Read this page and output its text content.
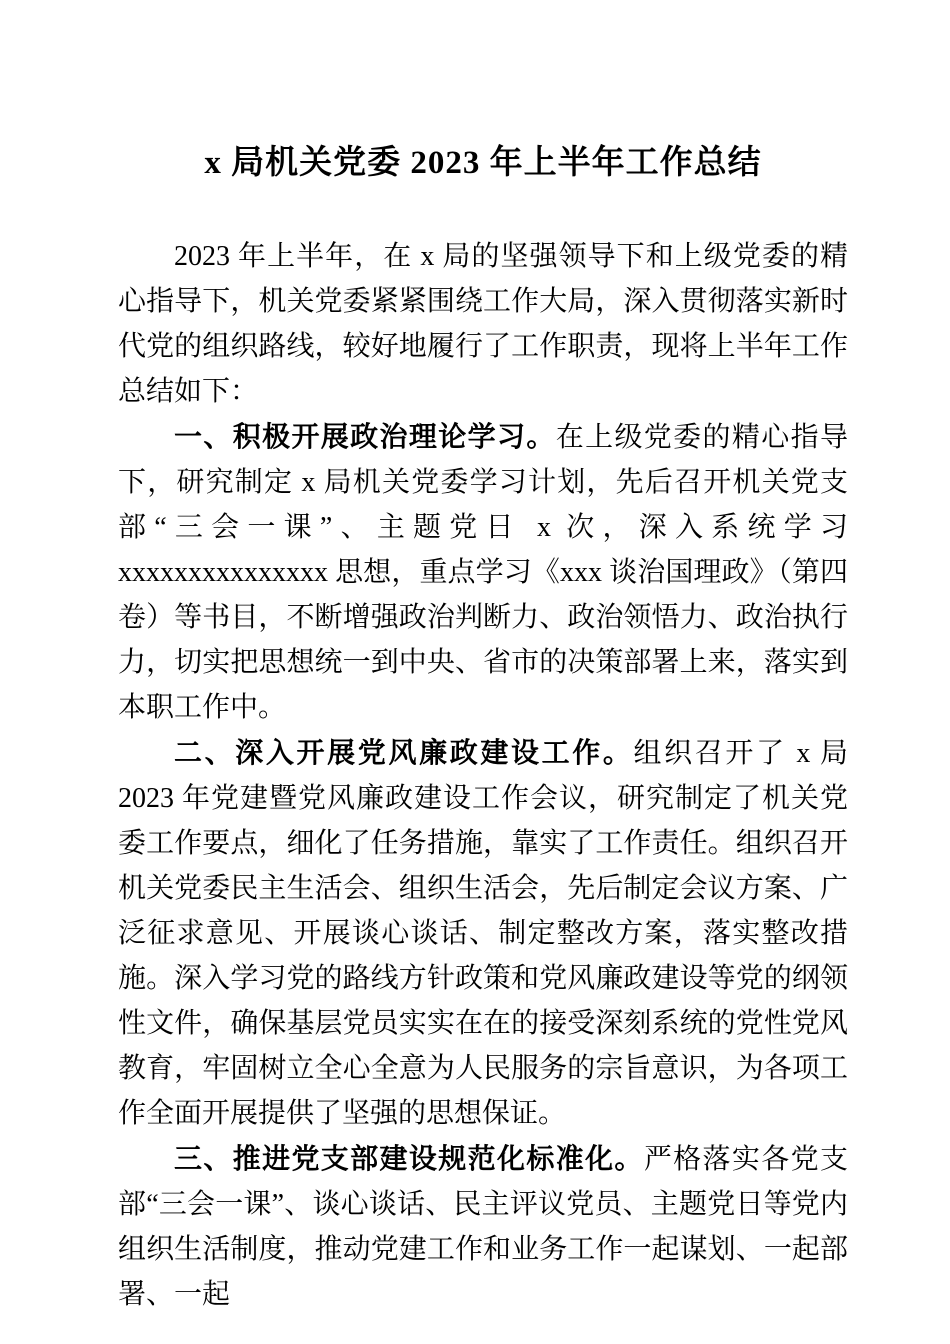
x 局机关党委 2023 年上半年工作总结

2023 年上半年，在 x 局的坚强领导下和上级党委的精心指导下，机关党委紧紧围绕工作大局，深入贯彻落实新时代党的组织路线，较好地履行了工作职责，现将上半年工作总结如下：

一、积极开展政治理论学习。在上级党委的精心指导下，研究制定 x 局机关党委学习计划，先后召开机关党支部“三会一课”、主题党日 x 次，深入系统学习 xxxxxxxxxxxxxxx 思想，重点学习《xxx 谈治国理政》（第四卷）等书目，不断增强政治判断力、政治领悟力、政治执行力，切实把思想统一到中央、省市的决策部署上来，落实到本职工作中。

二、深入开展党风廉政建设工作。组织召开了 x 局 2023 年党建暨党风廉政建设工作会议，研究制定了机关党委工作要点，细化了任务措施，靠实了工作责任。组织召开机关党委民主生活会、组织生活会，先后制定会议方案、广泛征求意见、开展谈心谈话、制定整改方案，落实整改措施。深入学习党的路线方针政策和党风廉政建设等党的纲领性文件，确保基层党员实实在在的接受深刻系统的党性党风教育，牢固树立全心全意为人民服务的宗旨意识，为各项工作全面开展提供了坚强的思想保证。

三、推进党支部建设规范化标准化。严格落实各党支部“三会一课”、谈心谈话、民主评议党员、主题党日等党内组织生活制度，推动党建工作和业务工作一起谋划、一起部署、一起
